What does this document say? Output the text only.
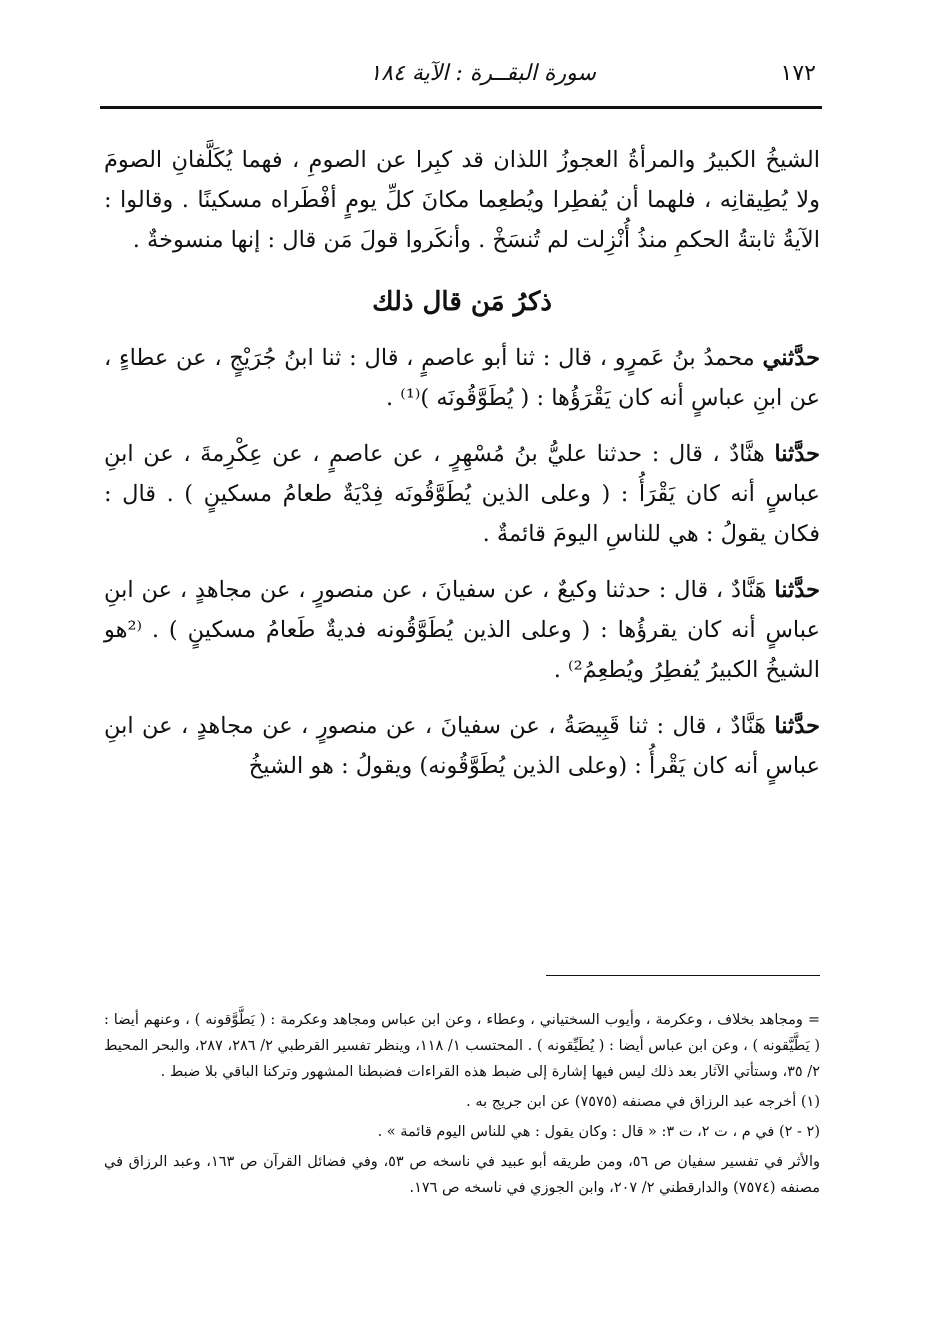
١٧٢
سورة البقــرة : الآية ١٨٤

الشيخُ الكبيرُ والمرأةُ العجوزُ اللذان قد كبِرا عن الصومِ ، فهما يُكَلَّفانِ الصومَ ولا يُطِيقانِه ، فلهما أن يُفطِرا ويُطعِما مكانَ كلِّ يومٍ أفْطَراه مسكينًا . وقالوا : الآيةُ ثابتةُ الحكمِ منذُ أُنْزِلت لم تُنسَخْ . وأنكَروا قولَ مَن قال : إنها منسوخةٌ .

ذكرُ مَن قال ذلك

حدَّثني محمدُ بنُ عَمرٍو ، قال : ثنا أبو عاصمٍ ، قال : ثنا ابنُ جُرَيْجٍ ، عن عطاءٍ ، عن ابنِ عباسٍ أنه كان يَقْرَؤُها : ( يُطَوَّقُونَه )⁽¹⁾ .

حدَّثنا هنَّادٌ ، قال : حدثنا عليُّ بنُ مُسْهِرٍ ، عن عاصمٍ ، عن عِكْرِمةَ ، عن ابنِ عباسٍ أنه كان يَقْرَأُ : ( وعلى الذين يُطَوَّقُونَه فِدْيَةٌ طعامُ مسكينٍ ) . قال : فكان يقولُ : هي للناسِ اليومَ قائمةٌ .

حدَّثنا هَنَّادٌ ، قال : حدثنا وكيعٌ ، عن سفيانَ ، عن منصورٍ ، عن مجاهدٍ ، عن ابنِ عباسٍ أنه كان يقرؤُها : ( وعلى الذين يُطَوَّقُونه فديةٌ طَعامُ مسكينٍ ) . ⁽²هو الشيخُ الكبيرُ يُفطِرُ ويُطعِمُ²⁾ .

حدَّثنا هَنَّادٌ ، قال : ثنا قَبِيصَةُ ، عن سفيانَ ، عن منصورٍ ، عن مجاهدٍ ، عن ابنِ عباسٍ أنه كان يَقْرأُ : (وعلى الذين يُطَوَّقُونه) ويقولُ : هو الشيخُ

= ومجاهد بخلاف ، وعكرمة ، وأيوب السختياني ، وعطاء ، وعن ابن عباس ومجاهد وعكرمة : ( يَطَّوَّقونه ) ، وعنهم أيضا : ( يَطَّيَّقونه ) ، وعن ابن عباس أيضا : ( يُطَيِّقونه ) . المحتسب ١/ ١١٨، وينظر تفسير القرطبي ٢/ ٢٨٦، ٢٨٧، والبحر المحيط ٢/ ٣٥، وستأتي الآثار بعد ذلك ليس فيها إشارة إلى ضبط هذه القراءات فضبطنا المشهور وتركنا الباقي بلا ضبط .

(١) أخرجه عبد الرزاق في مصنفه (٧٥٧٥) عن ابن جريج به .

(٢ - ٢) في م ، ت ٢، ت ٣: « قال : وكان يقول : هي للناس اليوم قائمة » .

والأثر في تفسير سفيان ص ٥٦، ومن طريقه أبو عبيد في ناسخه ص ٥٣، وفي فضائل القرآن ص ١٦٣، وعبد الرزاق في مصنفه (٧٥٧٤) والدارقطني ٢/ ٢٠٧، وابن الجوزي في ناسخه ص ١٧٦.
